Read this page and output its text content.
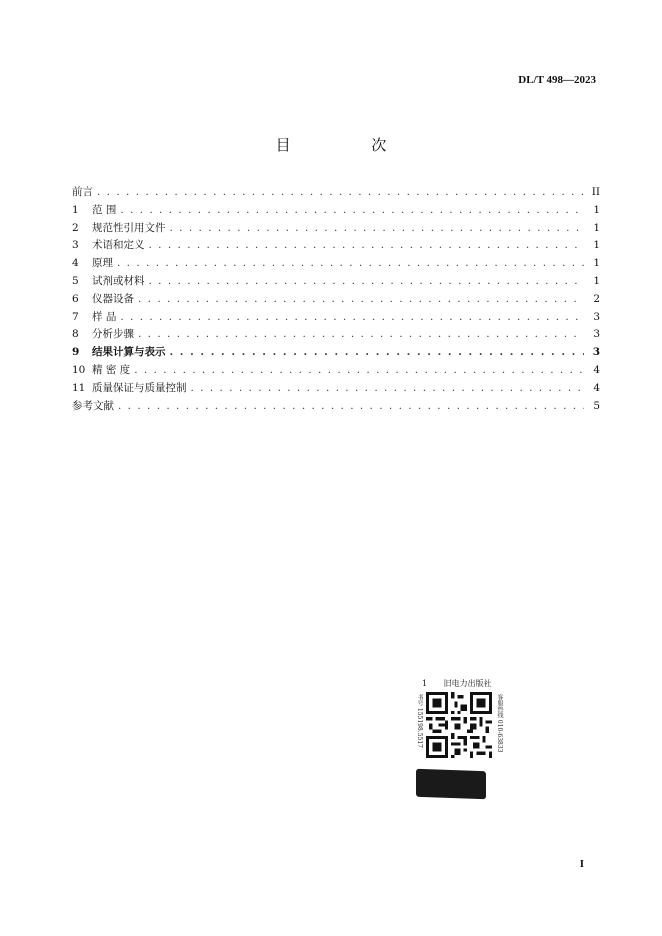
DL/T 498—2023
目 次
前言 . . .	II
1	范 围 . . .	1
2	规范性引用文件 . . .	1
3	术语和定义 . . .	1
4	原理 . . .	1
5	试剂或材料 . . .	1
6	仪器设备 . . .	2
7	样 品 . . .	3
8	分析步骤 . . .	3
9	结果计算与表示 . . .	3
10 精 密 度 . . .	4
11 质量保证与质量控制 . . .	4
参考文献 . . .	5
1 旧电力出版社
书号 155198.5517	客服热线 010-63833
I
